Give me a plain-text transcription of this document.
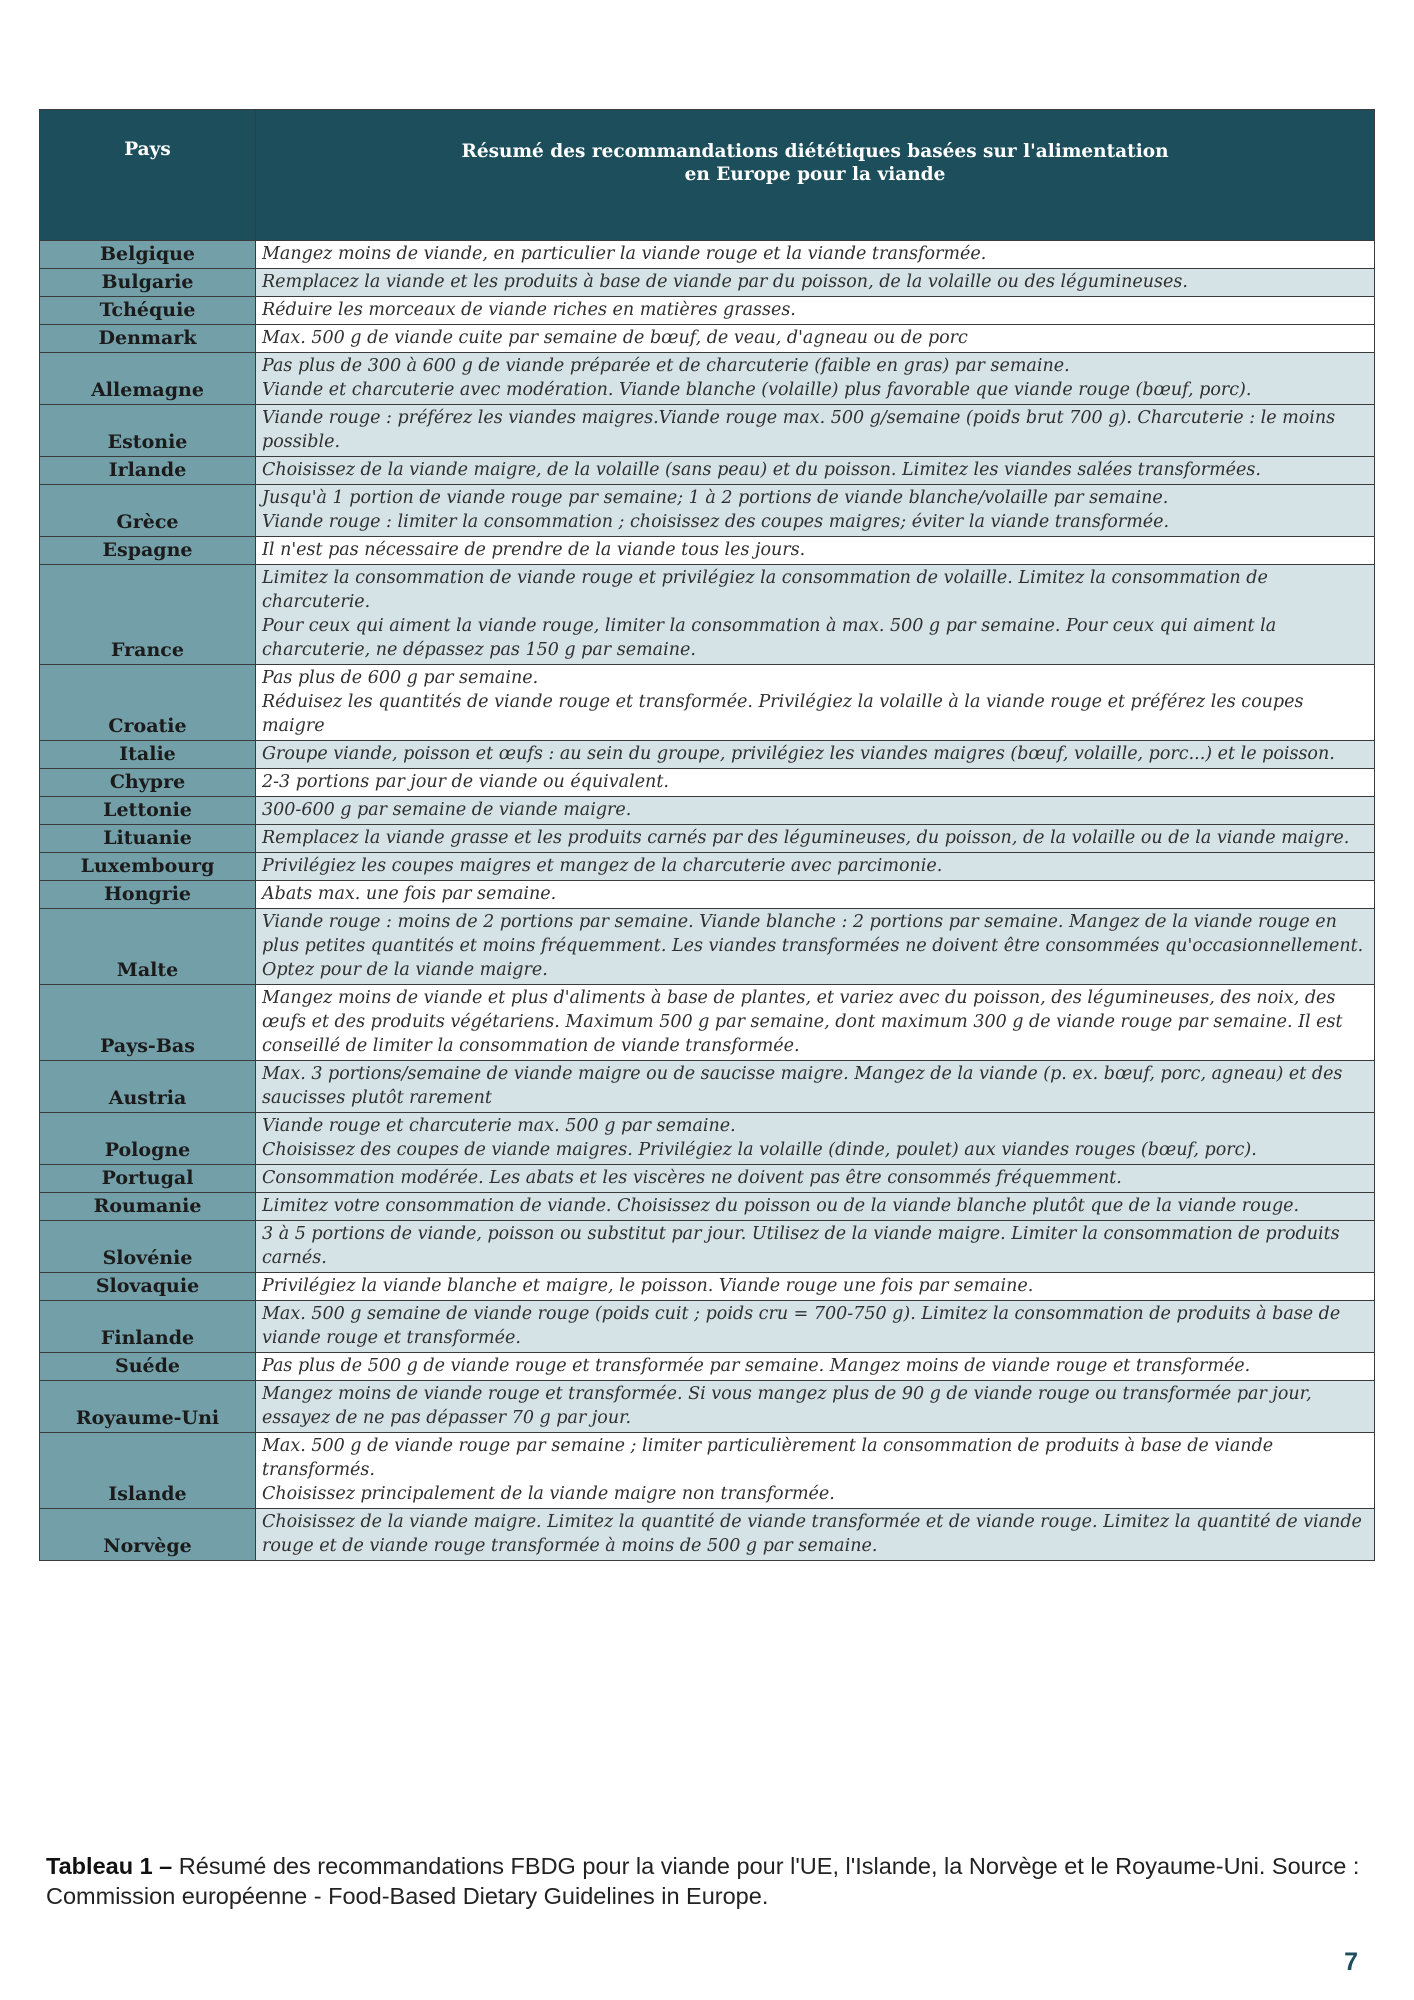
Pays	Résumé des recommandations diététiques basées sur l'alimentation
en Europe pour la viande
Belgique	Mangez moins de viande, en particulier la viande rouge et la viande transformée.
Bulgarie	Remplacez la viande et les produits à base de viande par du poisson, de la volaille ou des légumineuses.
Tchéquie	Réduire les morceaux de viande riches en matières grasses.
Denmark	Max. 500 g de viande cuite par semaine de bœuf, de veau, d'agneau ou de porc
Allemagne	Pas plus de 300 à 600 g de viande préparée et de charcuterie (faible en gras) par semaine.
Viande et charcuterie avec modération. Viande blanche (volaille) plus favorable que viande rouge (bœuf, porc).
Estonie	Viande rouge : préférez les viandes maigres.Viande rouge max. 500 g/semaine (poids brut 700 g). Charcuterie : le moins possible.
Irlande	Choisissez de la viande maigre, de la volaille (sans peau) et du poisson. Limitez les viandes salées transformées.
Grèce	Jusqu'à 1 portion de viande rouge par semaine; 1 à 2 portions de viande blanche/volaille par semaine.
Viande rouge : limiter la consommation ; choisissez des coupes maigres; éviter la viande transformée.
Espagne	Il n'est pas nécessaire de prendre de la viande tous les jours.
France	Limitez la consommation de viande rouge et privilégiez la consommation de volaille. Limitez la consommation de charcuterie.
Pour ceux qui aiment la viande rouge, limiter la consommation à max. 500 g par semaine. Pour ceux qui aiment la charcuterie, ne dépassez pas 150 g par semaine.
Croatie	Pas plus de 600 g par semaine.
Réduisez les quantités de viande rouge et transformée. Privilégiez la volaille à la viande rouge et préférez les coupes maigre
Italie	Groupe viande, poisson et œufs : au sein du groupe, privilégiez les viandes maigres (bœuf, volaille, porc...) et le poisson.
Chypre	2-3 portions par jour de viande ou équivalent.
Lettonie	300-600 g par semaine de viande maigre.
Lituanie	Remplacez la viande grasse et les produits carnés par des légumineuses, du poisson, de la volaille ou de la viande maigre.
Luxembourg	Privilégiez les coupes maigres et mangez de la charcuterie avec parcimonie.
Hongrie	Abats max. une fois par semaine.
Malte	Viande rouge : moins de 2 portions par semaine. Viande blanche : 2 portions par semaine. Mangez de la viande rouge en plus petites quantités et moins fréquemment. Les viandes transformées ne doivent être consommées qu'occasionnellement. Optez pour de la viande maigre.
Pays-Bas	Mangez moins de viande et plus d'aliments à base de plantes, et variez avec du poisson, des légumineuses, des noix, des œufs et des produits végétariens. Maximum 500 g par semaine, dont maximum 300 g de viande rouge par semaine. Il est conseillé de limiter la consommation de viande transformée.
Austria	Max. 3 portions/semaine de viande maigre ou de saucisse maigre. Mangez de la viande (p. ex. bœuf, porc, agneau) et des saucisses plutôt rarement
Pologne	Viande rouge et charcuterie max. 500 g par semaine.
Choisissez des coupes de viande maigres. Privilégiez la volaille (dinde, poulet) aux viandes rouges (bœuf, porc).
Portugal	Consommation modérée. Les abats et les viscères ne doivent pas être consommés fréquemment.
Roumanie	Limitez votre consommation de viande. Choisissez du poisson ou de la viande blanche plutôt que de la viande rouge.
Slovénie	3 à 5 portions de viande, poisson ou substitut par jour. Utilisez de la viande maigre. Limiter la consommation de produits carnés.
Slovaquie	Privilégiez la viande blanche et maigre, le poisson. Viande rouge une fois par semaine.
Finlande	Max. 500 g semaine de viande rouge (poids cuit ; poids cru = 700-750 g). Limitez la consommation de produits à base de viande rouge et transformée.
Suéde	Pas plus de 500 g de viande rouge et transformée par semaine. Mangez moins de viande rouge et transformée.
Royaume-Uni	Mangez moins de viande rouge et transformée. Si vous mangez plus de 90 g de viande rouge ou transformée par jour, essayez de ne pas dépasser 70 g par jour.
Islande	Max. 500 g de viande rouge par semaine ; limiter particulièrement la consommation de produits à base de viande transformés.
Choisissez principalement de la viande maigre non transformée.
Norvège	Choisissez de la viande maigre. Limitez la quantité de viande transformée et de viande rouge. Limitez la quantité de viande rouge et de viande rouge transformée à moins de 500 g par semaine.
Tableau 1 – Résumé des recommandations FBDG pour la viande pour l'UE, l'Islande, la Norvège et le Royaume-Uni. Source : Commission européenne - Food-Based Dietary Guidelines in Europe.
7
